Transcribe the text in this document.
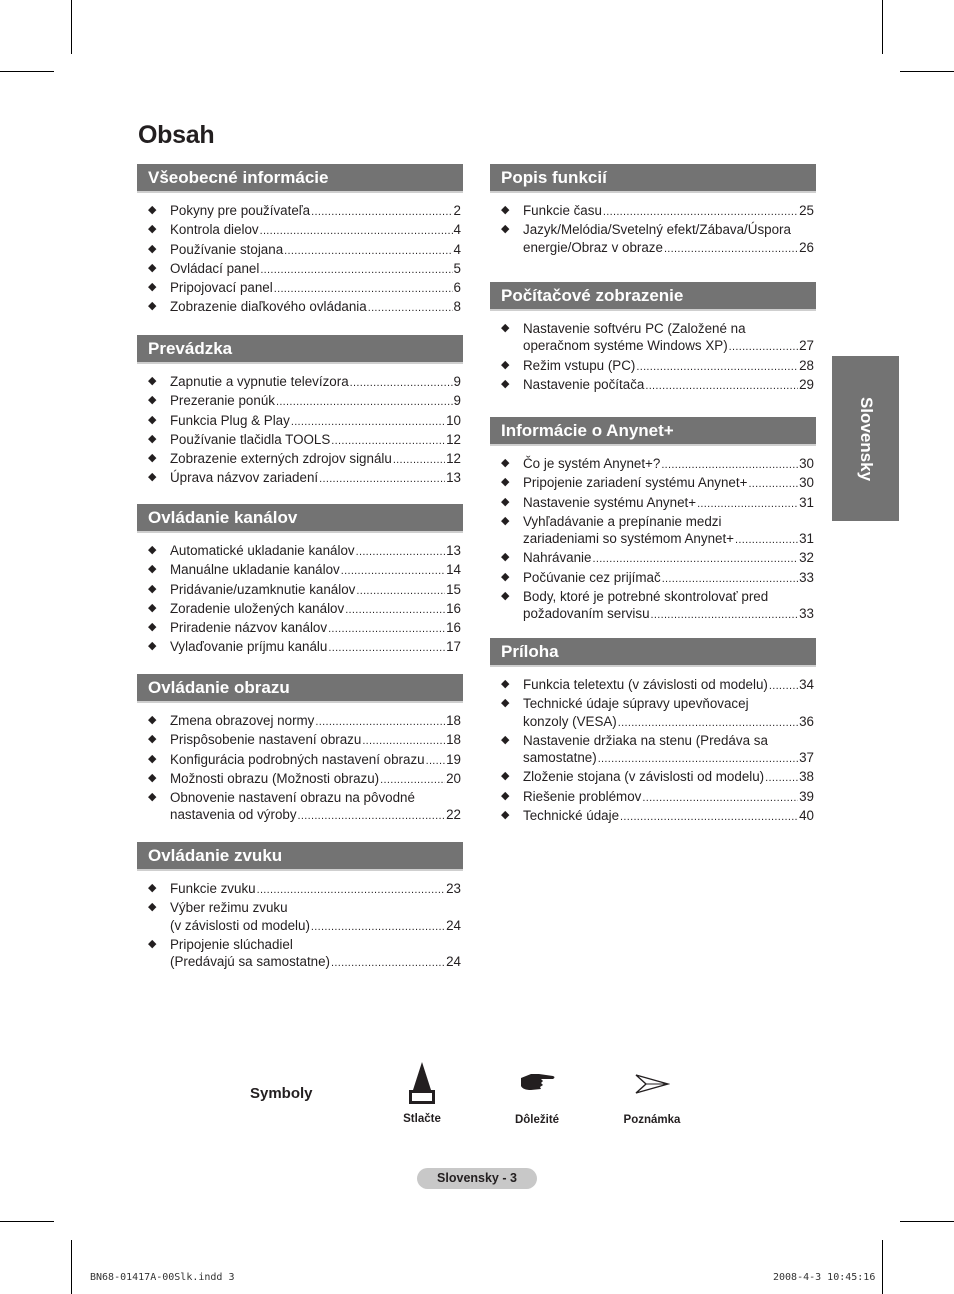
Obsah
Všeobecné informácie
◆ Pokyny pre používateľa .....	2
◆ Kontrola dielov .....	4
◆ Používanie stojana .....	4
◆ Ovládací panel .....	5
◆ Pripojovací panel .....	6
◆ Zobrazenie diaľkového ovládania .....	8
Prevádzka
◆ Zapnutie a vypnutie televízora .....	9
◆ Prezeranie ponúk .....	9
◆ Funkcia Plug & Play .....	10
◆ Používanie tlačidla TOOLS .....	12
◆ Zobrazenie externých zdrojov signálu .....	12
◆ Úprava názvov zariadení .....	13
Ovládanie kanálov
◆ Automatické ukladanie kanálov .....	13
◆ Manuálne ukladanie kanálov .....	14
◆ Pridávanie/uzamknutie kanálov .....	15
◆ Zoradenie uložených kanálov .....	16
◆ Priradenie názvov kanálov .....	16
◆ Vylaďovanie príjmu kanálu .....	17
Ovládanie obrazu
◆ Zmena obrazovej normy .....	18
◆ Prispôsobenie nastavení obrazu .....	18
◆ Konfigurácia podrobných nastavení obrazu ..... 19
◆ Možnosti obrazu (Možnosti obrazu) .....	20
◆ Obnovenie nastavení obrazu na pôvodné
nastavenia od výroby .....	22
Ovládanie zvuku
◆ Funkcie zvuku .....	23
◆ Výber režimu zvuku
(v závislosti od modelu) .....	24
◆ Pripojenie slúchadiel
(Predávajú sa samostatne) .....	24
Popis funkcií
◆ Funkcie času .....	25
◆ Jazyk/Melódia/Svetelný efekt/Zábava/Úspora
energie/Obraz v obraze .....	26
Počítačové zobrazenie
◆ Nastavenie softvéru PC (Založené na
operačnom systéme Windows XP) .....	27
◆ Režim vstupu (PC) .....	28
◆ Nastavenie počítača .....	29
Informácie o Anynet+
◆ Čo je systém Anynet+? .....	30
◆ Pripojenie zariadení systému Anynet+ .....	30
◆ Nastavenie systému Anynet+ .....	31
◆ Vyhľadávanie a prepínanie medzi
zariadeniami so systémom Anynet+ .....	31
◆ Nahrávanie .....	32
◆ Počúvanie cez prijímač .....	33
◆ Body, ktoré je potrebné skontrolovať pred
požadovaním servisu .....	33
Príloha
◆ Funkcia teletextu (v závislosti od modelu) ..... 34
◆ Technické údaje súpravy upevňovacej
konzoly (VESA) .....	36
◆ Nastavenie držiaka na stenu (Predáva sa
samostatne) .....	37
◆ Zloženie stojana (v závislosti od modelu) .....	38
◆ Riešenie problémov .....	39
◆ Technické údaje .....	40
Slovensky
Symboly
Stlačte	Dôležité	Poznámka
Slovensky - 3
BN68-01417A-00Slk.indd 3	2008-4-3 10:45:16
